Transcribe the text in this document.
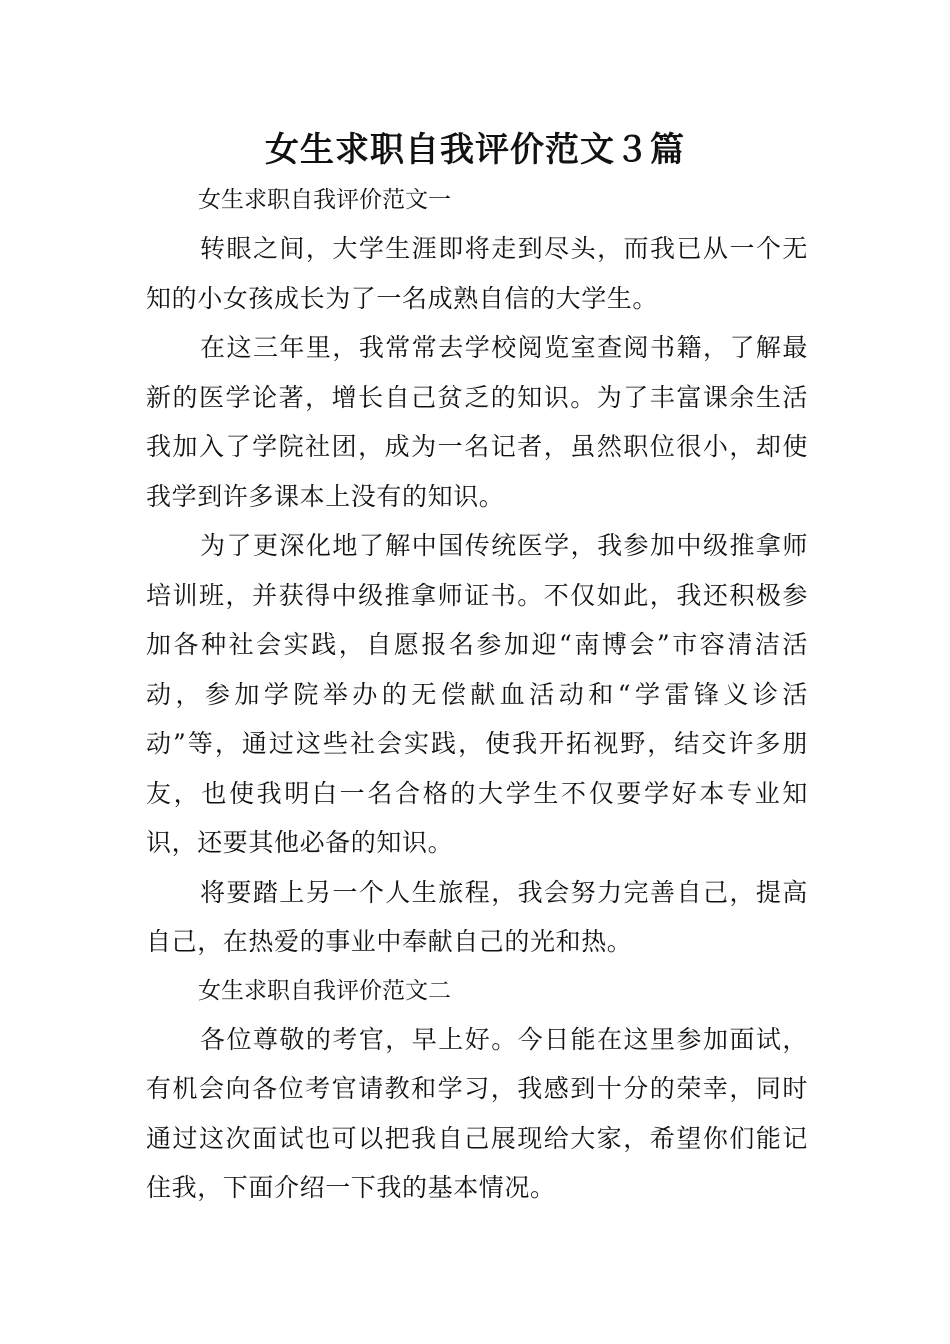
女生求职自我评价范文３篇

女生求职自我评价范文一

转眼之间，大学生涯即将走到尽头，而我已从一个无知的小女孩成长为了一名成熟自信的大学生。

在这三年里，我常常去学校阅览室查阅书籍，了解最新的医学论著，增长自己贫乏的知识。为了丰富课余生活我加入了学院社团，成为一名记者，虽然职位很小，却使我学到许多课本上没有的知识。

为了更深化地了解中国传统医学，我参加中级推拿师培训班，并获得中级推拿师证书。不仅如此，我还积极参加各种社会实践，自愿报名参加迎“南博会”市容清洁活动，参加学院举办的无偿献血活动和“学雷锋义诊活动”等，通过这些社会实践，使我开拓视野，结交许多朋友，也使我明白一名合格的大学生不仅要学好本专业知识，还要其他必备的知识。

将要踏上另一个人生旅程，我会努力完善自己，提高自己，在热爱的事业中奉献自己的光和热。

女生求职自我评价范文二

各位尊敬的考官，早上好。今日能在这里参加面试，有机会向各位考官请教和学习，我感到十分的荣幸，同时通过这次面试也可以把我自己展现给大家，希望你们能记住我，下面介绍一下我的基本情况。
